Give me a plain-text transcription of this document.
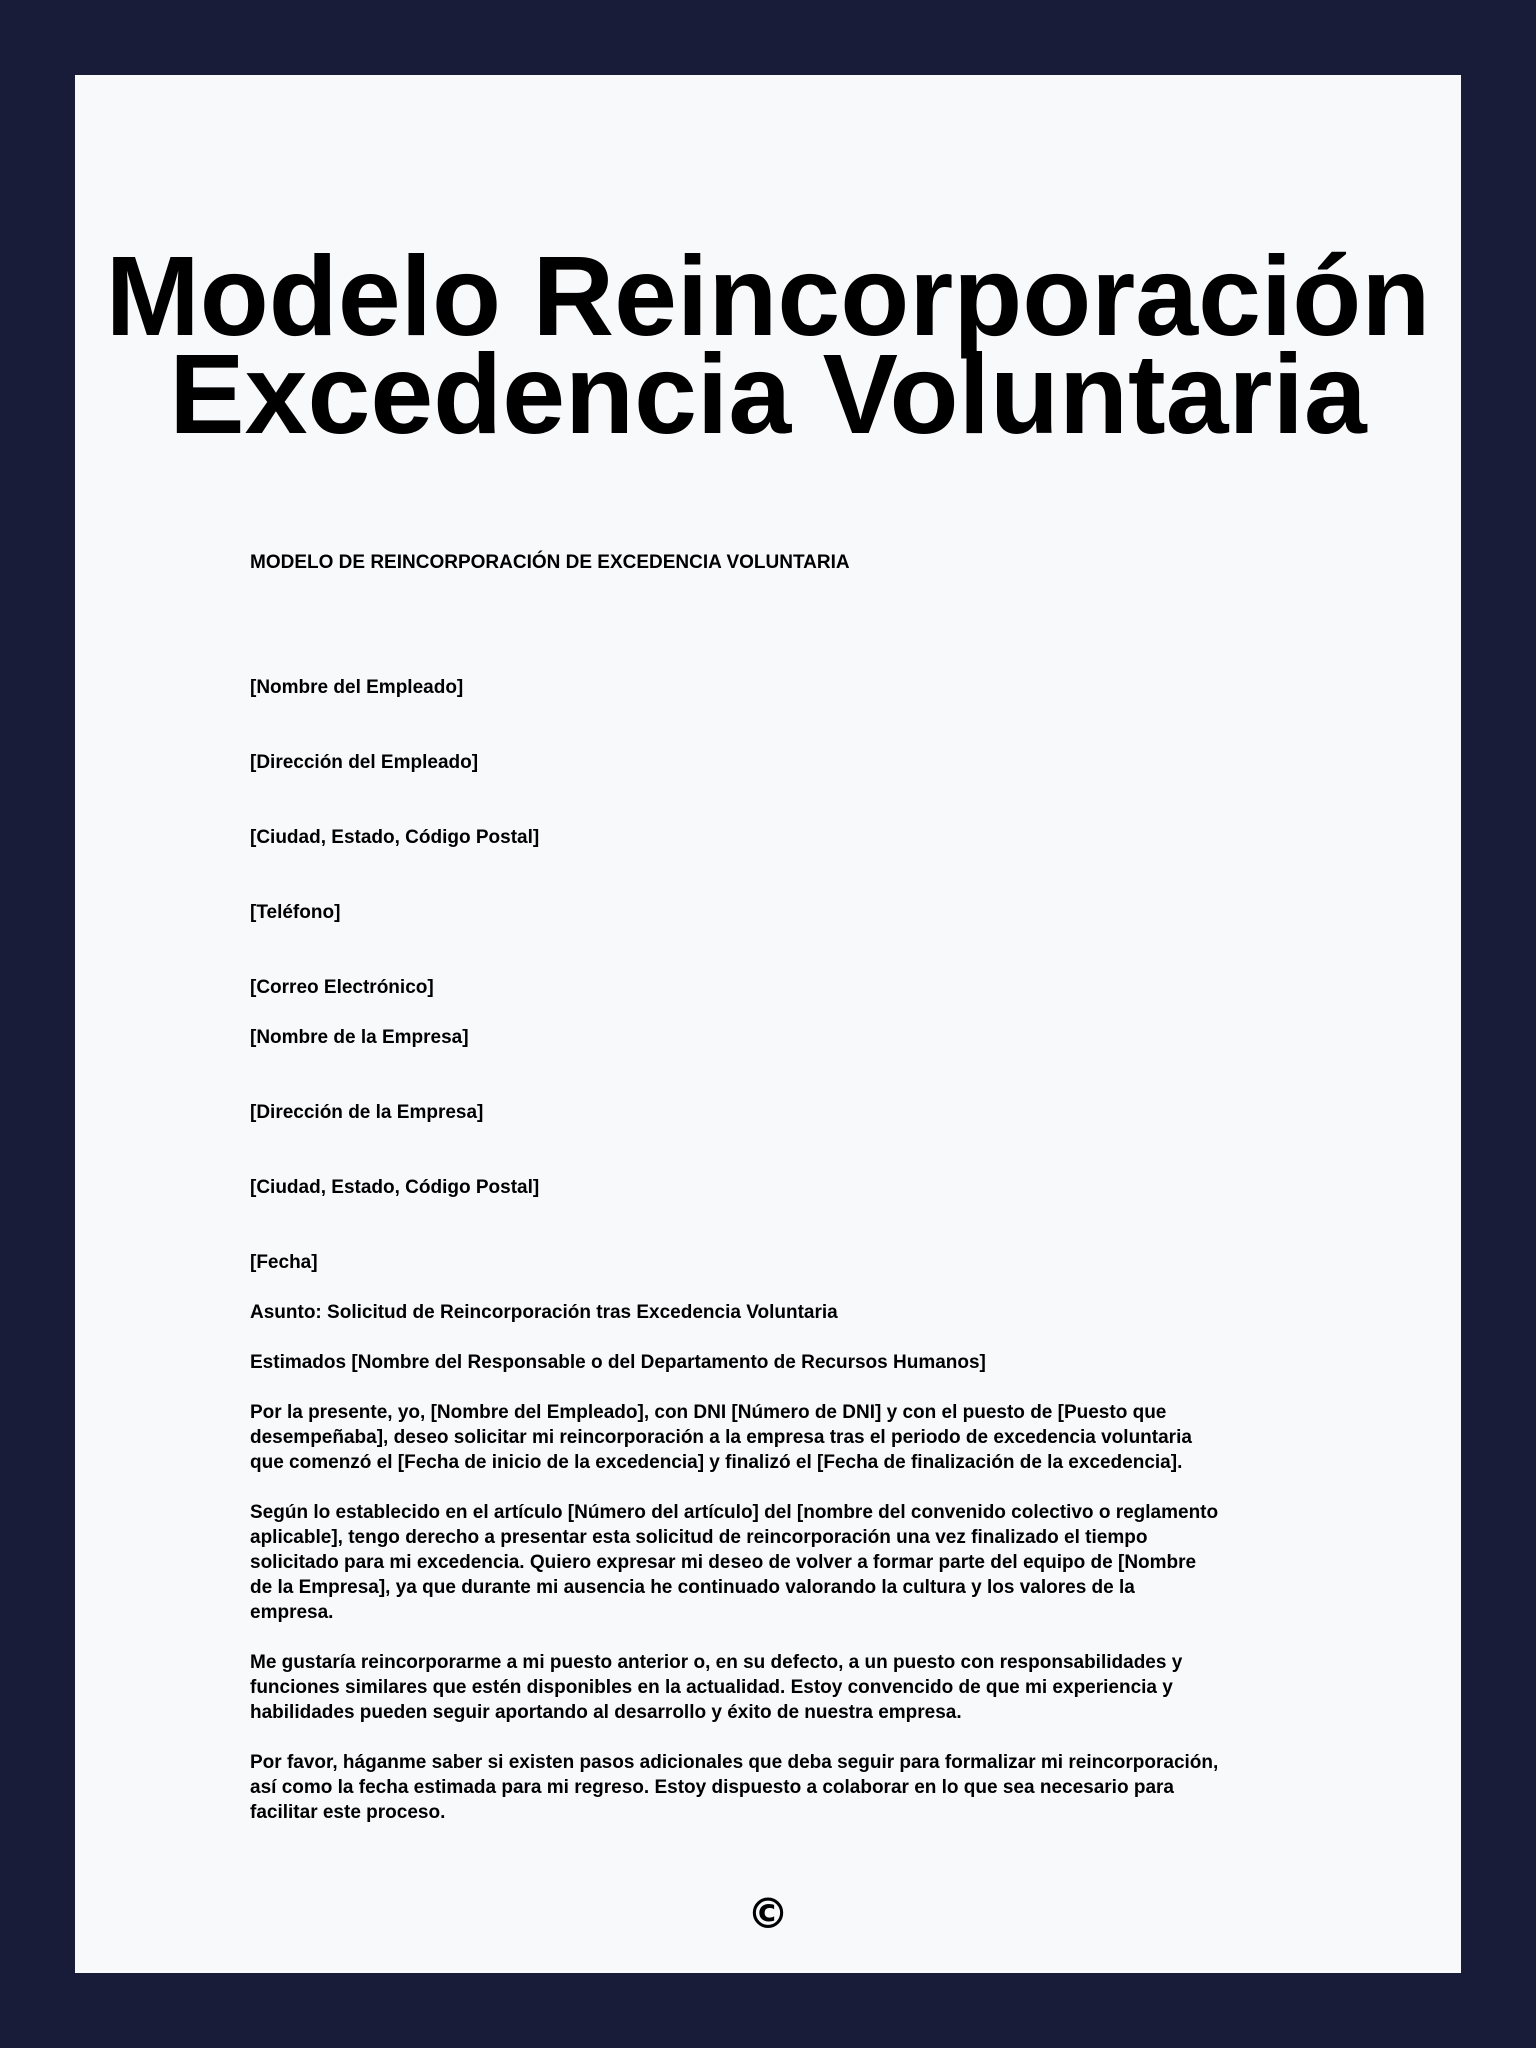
Modelo Reincorporación
Excedencia Voluntaria
MODELO DE REINCORPORACIÓN DE EXCEDENCIA VOLUNTARIA
[Nombre del Empleado]
[Dirección del Empleado]
[Ciudad, Estado, Código Postal]
[Teléfono]
[Correo Electrónico]
[Nombre de la Empresa]
[Dirección de la Empresa]
[Ciudad, Estado, Código Postal]
[Fecha]
Asunto: Solicitud de Reincorporación tras Excedencia Voluntaria
Estimados [Nombre del Responsable o del Departamento de Recursos Humanos]
Por la presente, yo, [Nombre del Empleado], con DNI [Número de DNI] y con el puesto de [Puesto que
desempeñaba], deseo solicitar mi reincorporación a la empresa tras el periodo de excedencia voluntaria
que comenzó el [Fecha de inicio de la excedencia] y finalizó el [Fecha de finalización de la excedencia].
Según lo establecido en el artículo [Número del artículo] del [nombre del convenido colectivo o reglamento
aplicable], tengo derecho a presentar esta solicitud de reincorporación una vez finalizado el tiempo
solicitado para mi excedencia. Quiero expresar mi deseo de volver a formar parte del equipo de [Nombre
de la Empresa], ya que durante mi ausencia he continuado valorando la cultura y los valores de la
empresa.
Me gustaría reincorporarme a mi puesto anterior o, en su defecto, a un puesto con responsabilidades y
funciones similares que estén disponibles en la actualidad. Estoy convencido de que mi experiencia y
habilidades pueden seguir aportando al desarrollo y éxito de nuestra empresa.
Por favor, háganme saber si existen pasos adicionales que deba seguir para formalizar mi reincorporación,
así como la fecha estimada para mi regreso. Estoy dispuesto a colaborar en lo que sea necesario para
facilitar este proceso.
©
